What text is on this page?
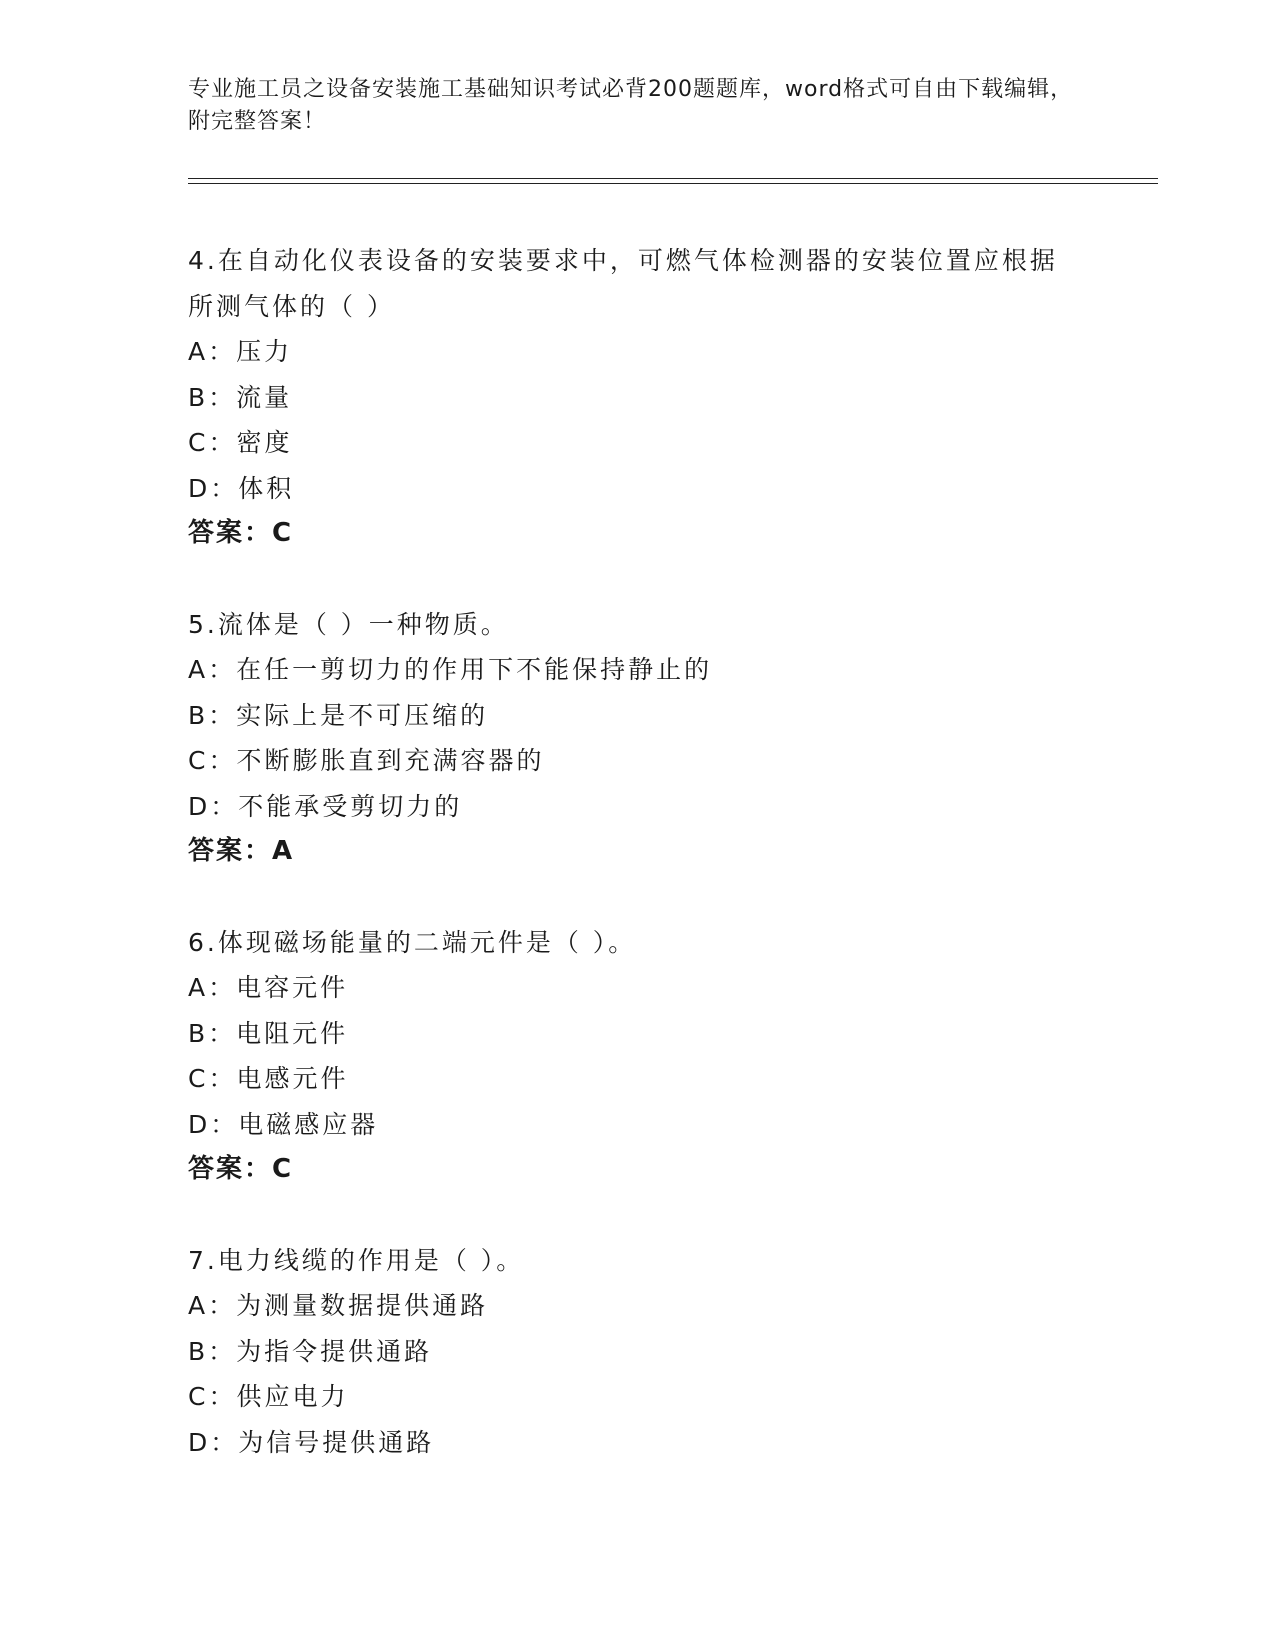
专业施工员之设备安装施工基础知识考试必背200题题库，word格式可自由下载编辑，附完整答案！
4.在自动化仪表设备的安装要求中，可燃气体检测器的安装位置应根据所测气体的（ ）
A：压力
B：流量
C：密度
D：体积
答案：C
5.流体是（ ）一种物质。
A：在任一剪切力的作用下不能保持静止的
B：实际上是不可压缩的
C：不断膨胀直到充满容器的
D：不能承受剪切力的
答案：A
6.体现磁场能量的二端元件是（ ）。
A：电容元件
B：电阻元件
C：电感元件
D：电磁感应器
答案：C
7.电力线缆的作用是（ ）。
A：为测量数据提供通路
B：为指令提供通路
C：供应电力
D：为信号提供通路
